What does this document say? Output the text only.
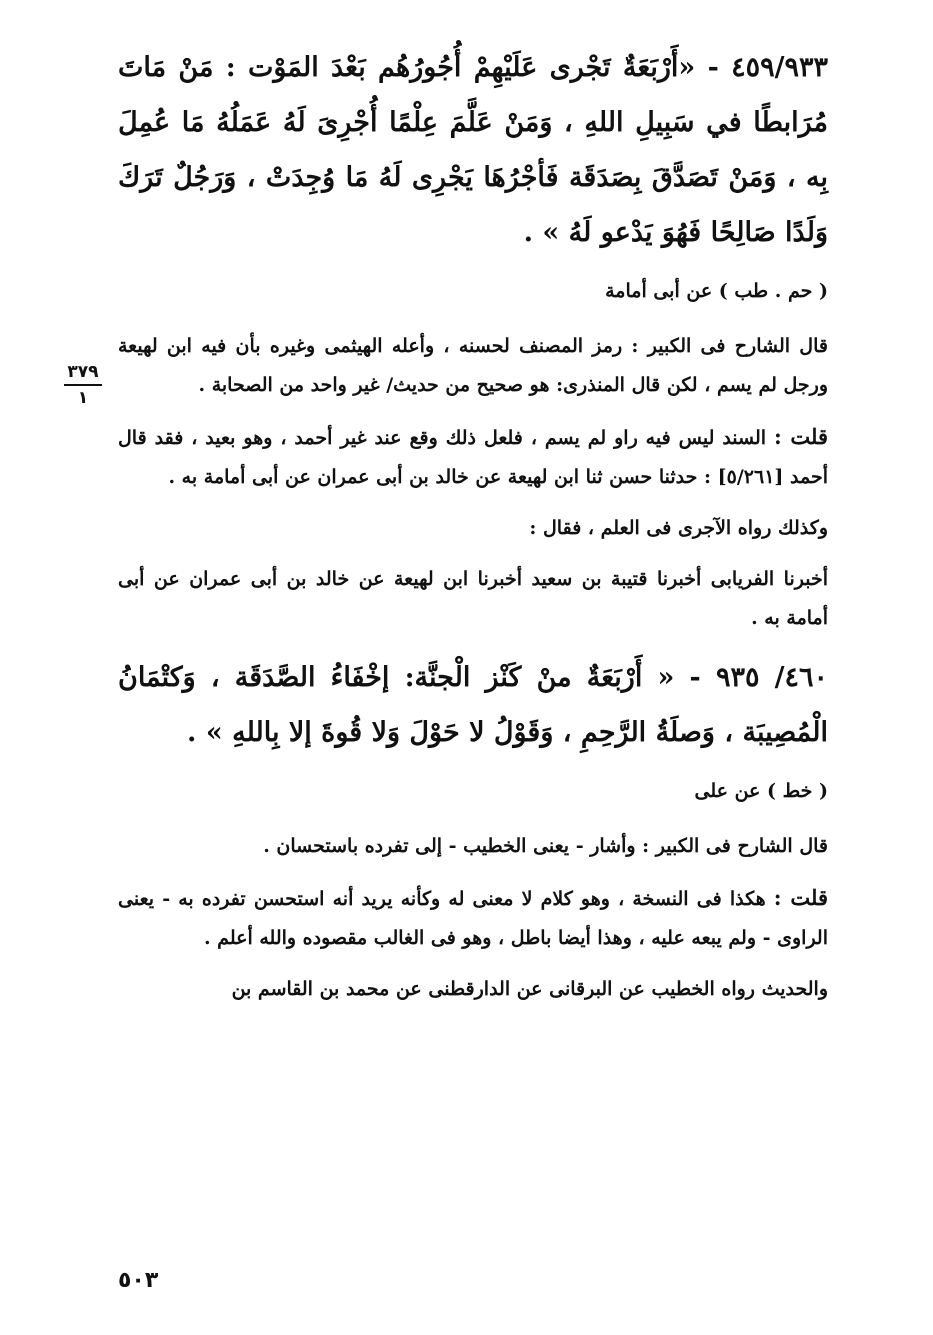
٤٥٩/٩٣٣ - «أَرْبَعَةٌ تَجْرى عَلَيْهِمْ أُجُورُهُم بَعْدَ المَوْت : مَنْ مَاتَ مُرَابطًا في سَبِيلِ اللهِ ، وَمَنْ عَلَّمَ عِلْمًا أُجْرِىَ لَهُ عَمَلُهُ مَا عُمِلَ بِه ، وَمَنْ تَصَدَّقَ بِصَدَقَة فَأجْرُهَا يَجْرِى لَهُ مَا وُجِدَتْ ، وَرَجُلٌ تَرَكَ وَلَدًا صَالِحًا فَهُوَ يَدْعو لَهُ » .

( حم . طب ) عن أبى أمامة

قال الشارح فى الكبير : رمز المصنف لحسنه ، وأعله الهيثمى وغيره بأن فيه ابن لهيعة ورجل لم يسم ، لكن قال المنذرى: هو صحيح من حديث/ غير واحد من الصحابة .

قلت : السند ليس فيه راو لم يسم ، فلعل ذلك وقع عند غير أحمد ، وهو بعيد ، فقد قال أحمد [٥/٢٦١] : حدثنا حسن ثنا ابن لهيعة عن خالد بن أبى عمران عن أبى أمامة به .

وكذلك رواه الآجرى فى العلم ، فقال :

أخبرنا الفريابى أخبرنا قتيبة بن سعيد أخبرنا ابن لهيعة عن خالد بن أبى عمران عن أبى أمامة به .

٤٦٠/ ٩٣٥ - « أَرْبَعَةٌ منْ كَنْز الْجنَّة: إخْفَاءُ الصَّدَقَة ، وَكتْمَانُ الْمُصِيبَة ، وَصلَةُ الرَّحِمِ ، وَقَوْلُ لا حَوْلَ وَلا قُوةَ إلا بِاللهِ » .

( خط ) عن على

قال الشارح فى الكبير : وأشار - يعنى الخطيب - إلى تفرده باستحسان .

قلت : هكذا فى النسخة ، وهو كلام لا معنى له وكأنه يريد أنه استحسن تفرده به - يعنى الراوى - ولم يبعه عليه ، وهذا أيضا باطل ، وهو فى الغالب مقصوده والله أعلم .

والحديث رواه الخطيب عن البرقانى عن الدارقطنى عن محمد بن القاسم بن

٣٧٩
١
٥٠٣
